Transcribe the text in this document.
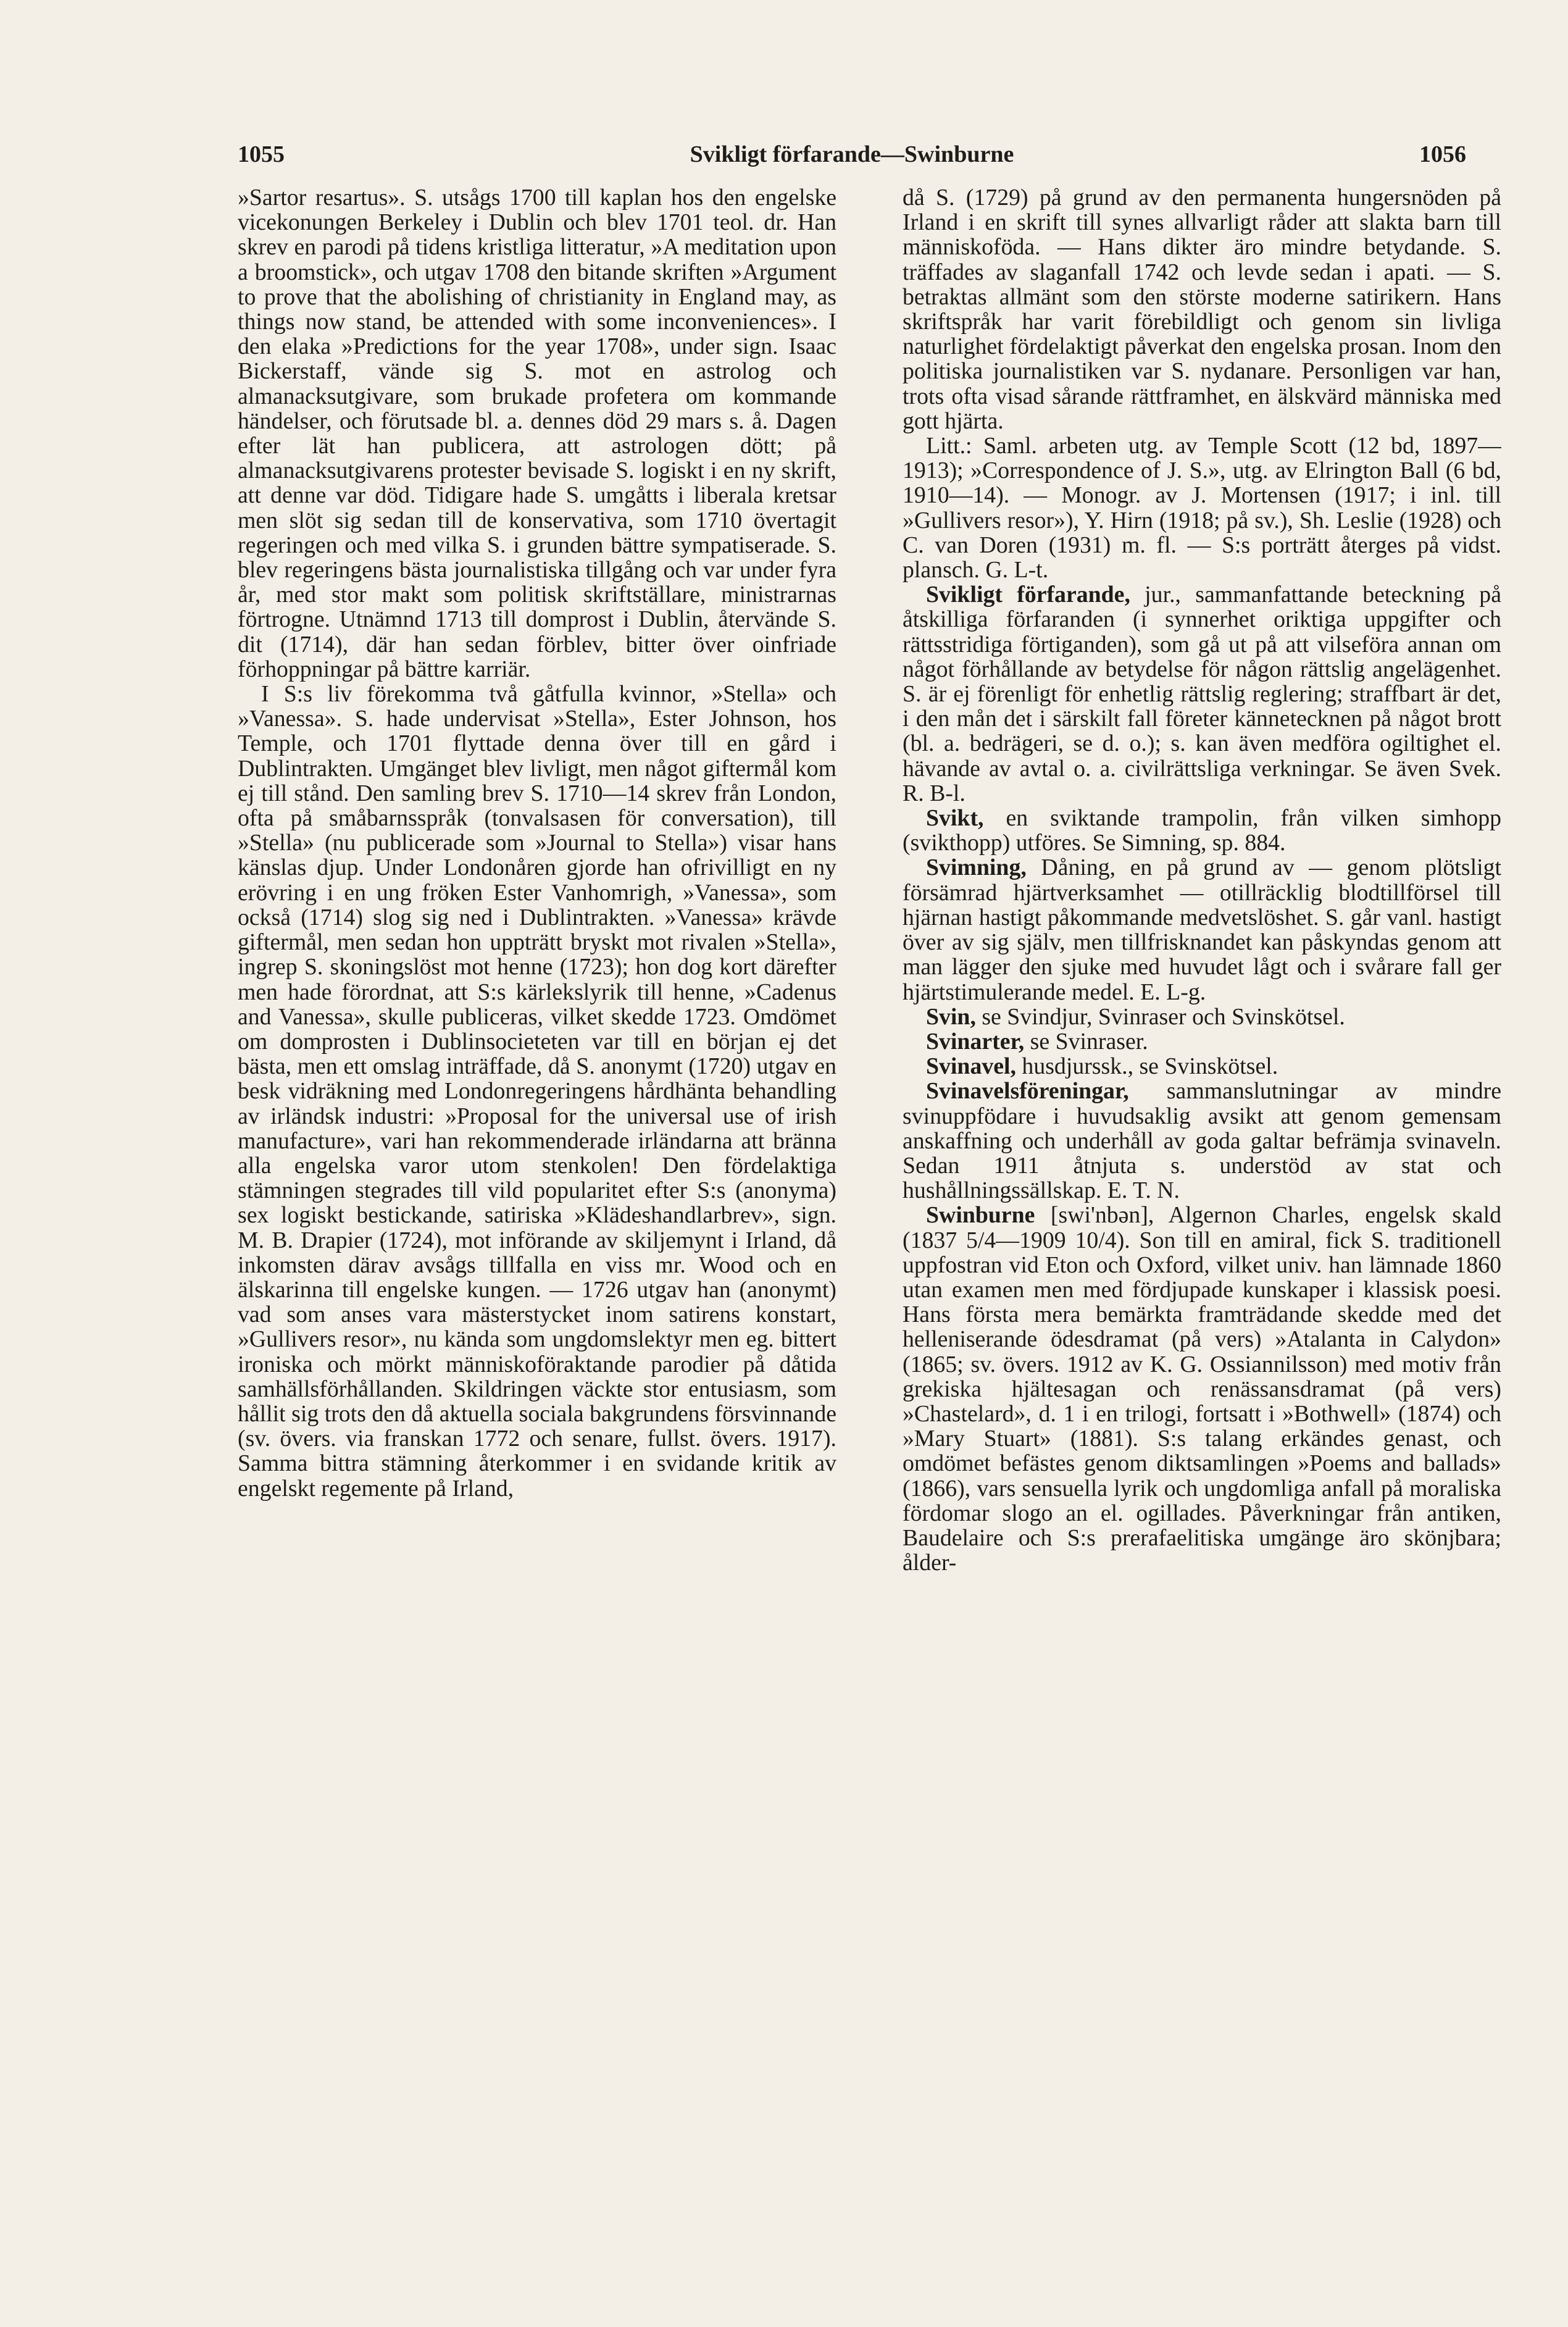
1055	Svikligt förfarande—Swinburne	1056

»Sartor resartus». S. utsågs 1700 till kaplan hos den engelske vicekonungen Berkeley i Dublin och blev 1701 teol. dr. Han skrev en parodi på tidens kristliga litteratur, »A meditation upon a broomstick», och utgav 1708 den bitande skriften »Argument to prove that the abolishing of christianity in England may, as things now stand, be attended with some inconveniences». I den elaka »Predictions for the year 1708», under sign. Isaac Bickerstaff, vände sig S. mot en astrolog och almanacksutgivare, som brukade profetera om kommande händelser, och förutsade bl. a. dennes död 29 mars s. å. Dagen efter lät han publicera, att astrologen dött; på almanacksutgivarens protester bevisade S. logiskt i en ny skrift, att denne var död. Tidigare hade S. umgåtts i liberala kretsar men slöt sig sedan till de konservativa, som 1710 övertagit regeringen och med vilka S. i grunden bättre sympatiserade. S. blev regeringens bästa journalistiska tillgång och var under fyra år, med stor makt som politisk skriftställare, ministrarnas förtrogne. Utnämnd 1713 till domprost i Dublin, återvände S. dit (1714), där han sedan förblev, bitter över oinfriade förhoppningar på bättre karriär.

I S:s liv förekomma två gåtfulla kvinnor, »Stella» och »Vanessa». S. hade undervisat »Stella», Ester Johnson, hos Temple, och 1701 flyttade denna över till en gård i Dublintrakten. Umgänget blev livligt, men något giftermål kom ej till stånd. Den samling brev S. 1710—14 skrev från London, ofta på småbarnsspråk (tonvalsasen för conversation), till »Stella» (nu publicerade som »Journal to Stella») visar hans känslas djup. Under Londonåren gjorde han ofrivilligt en ny erövring i en ung fröken Ester Vanhomrigh, »Vanessa», som också (1714) slog sig ned i Dublintrakten. »Vanessa» krävde giftermål, men sedan hon uppträtt bryskt mot rivalen »Stella», ingrep S. skoningslöst mot henne (1723); hon dog kort därefter men hade förordnat, att S:s kärlekslyrik till henne, »Cadenus and Vanessa», skulle publiceras, vilket skedde 1723. Omdömet om domprosten i Dublinsocieteten var till en början ej det bästa, men ett omslag inträffade, då S. anonymt (1720) utgav en besk vidräkning med Londonregeringens hårdhänta behandling av irländsk industri: »Proposal for the universal use of irish manufacture», vari han rekommenderade irländarna att bränna alla engelska varor utom stenkolen! Den fördelaktiga stämningen stegrades till vild popularitet efter S:s (anonyma) sex logiskt bestickande, satiriska »Klädeshandlarbrev», sign. M. B. Drapier (1724), mot införande av skiljemynt i Irland, då inkomsten därav avsågs tillfalla en viss mr. Wood och en älskarinna till engelske kungen. — 1726 utgav han (anonymt) vad som anses vara mästerstycket inom satirens konstart, »Gullivers resor», nu kända som ungdomslektyr men eg. bittert ironiska och mörkt människoföraktande parodier på dåtida samhällsförhållanden. Skildringen väckte stor entusiasm, som hållit sig trots den då aktuella sociala bakgrundens försvinnande (sv. övers. via franskan 1772 och senare, fullst. övers. 1917). Samma bittra stämning återkommer i en svidande kritik av engelskt regemente på Irland,

då S. (1729) på grund av den permanenta hungersnöden på Irland i en skrift till synes allvarligt råder att slakta barn till människoföda. — Hans dikter äro mindre betydande. S. träffades av slaganfall 1742 och levde sedan i apati. — S. betraktas allmänt som den störste moderne satirikern. Hans skriftspråk har varit förebildligt och genom sin livliga naturlighet fördelaktigt påverkat den engelska prosan. Inom den politiska journalistiken var S. nydanare. Personligen var han, trots ofta visad sårande rättframhet, en älskvärd människa med gott hjärta.

Litt.: Saml. arbeten utg. av Temple Scott (12 bd, 1897—1913); »Correspondence of J. S.», utg. av Elrington Ball (6 bd, 1910—14). — Monogr. av J. Mortensen (1917; i inl. till »Gullivers resor»), Y. Hirn (1918; på sv.), Sh. Leslie (1928) och C. van Doren (1931) m. fl. — S:s porträtt återges på vidst. plansch. G. L-t.

Svikligt förfarande, jur., sammanfattande beteckning på åtskilliga förfaranden (i synnerhet oriktiga uppgifter och rättsstridiga förtiganden), som gå ut på att vilseföra annan om något förhållande av betydelse för någon rättslig angelägenhet. S. är ej förenligt för enhetlig rättslig reglering; straffbart är det, i den mån det i särskilt fall företer kännetecknen på något brott (bl. a. bedrägeri, se d. o.); s. kan även medföra ogiltighet el. hävande av avtal o. a. civilrättsliga verkningar. Se även Svek. R. B-l.

Svikt, en sviktande trampolin, från vilken simhopp (svikthopp) utföres. Se Simning, sp. 884.

Svimning, Dåning, en på grund av — genom plötsligt försämrad hjärtverksamhet — otillräcklig blodtillförsel till hjärnan hastigt påkommande medvetslöshet. S. går vanl. hastigt över av sig själv, men tillfrisknandet kan påskyndas genom att man lägger den sjuke med huvudet lågt och i svårare fall ger hjärtstimulerande medel. E. L-g.

Svin, se Svindjur, Svinraser och Svinskötsel.

Svinarter, se Svinraser.

Svinavel, husdjurssk., se Svinskötsel.

Svinavelsföreningar, sammanslutningar av mindre svinuppfödare i huvudsaklig avsikt att genom gemensam anskaffning och underhåll av goda galtar befrämja svinaveln. Sedan 1911 åtnjuta s. understöd av stat och hushållningssällskap. E. T. N.

Swinburne [swi'nbən], Algernon Charles, engelsk skald (1837 5/4—1909 10/4). Son till en amiral, fick S. traditionell uppfostran vid Eton och Oxford, vilket univ. han lämnade 1860 utan examen men med fördjupade kunskaper i klassisk poesi. Hans första mera bemärkta framträdande skedde med det helleniserande ödesdramat (på vers) »Atalanta in Calydon» (1865; sv. övers. 1912 av K. G. Ossiannilsson) med motiv från grekiska hjältesagan och renässansdramat (på vers) »Chastelard», d. 1 i en trilogi, fortsatt i »Bothwell» (1874) och »Mary Stuart» (1881). S:s talang erkändes genast, och omdömet befästes genom diktsamlingen »Poems and ballads» (1866), vars sensuella lyrik och ungdomliga anfall på moraliska fördomar slogo an el. ogillades. Påverkningar från antiken, Baudelaire och S:s prerafaelitiska umgänge äro skönjbara; ålder-
